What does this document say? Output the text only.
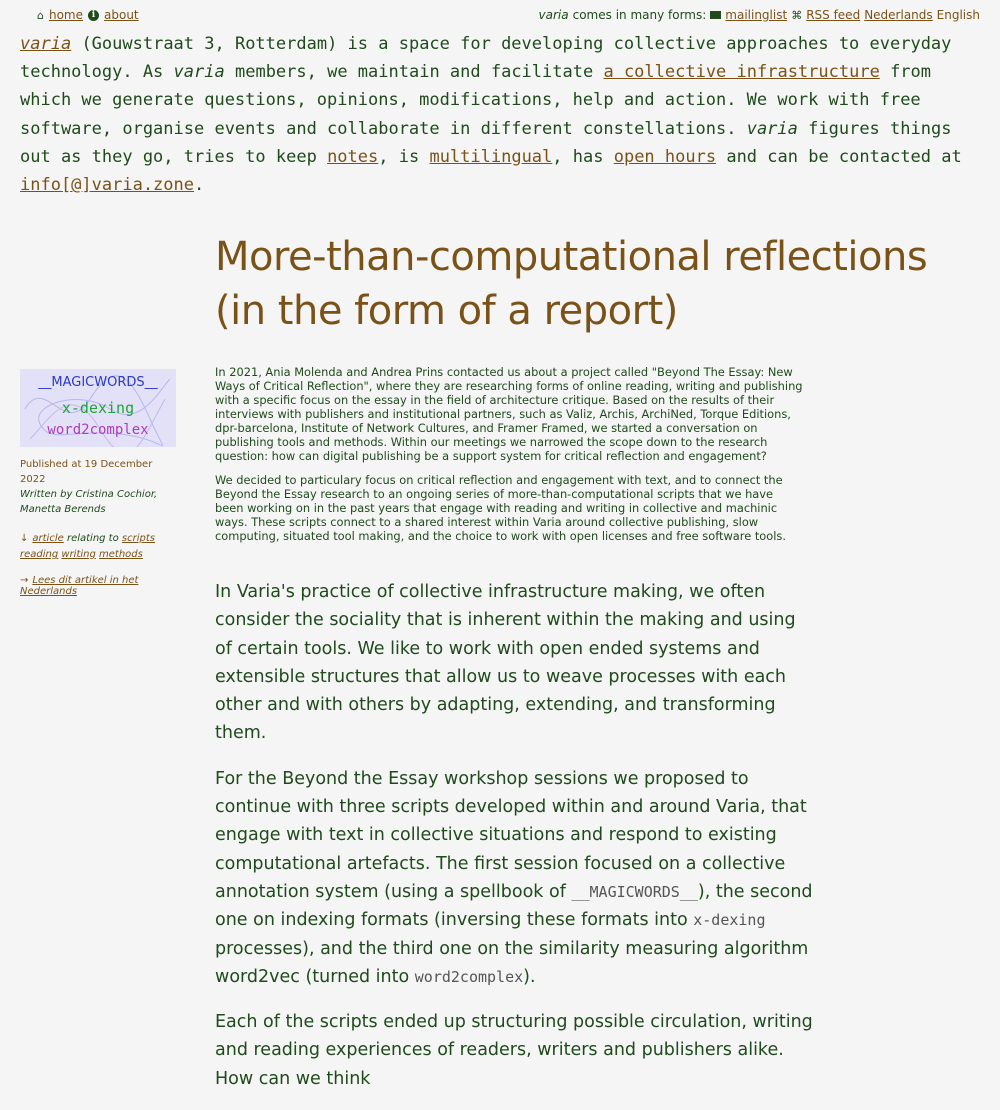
⌂ home i about	varia comes in many forms: mailinglist ⌘ RSS feed Nederlands English

varia (Gouwstraat 3, Rotterdam) is a space for developing collective approaches to everyday technology. As varia members, we maintain and facilitate a collective infrastructure from which we generate questions, opinions, modifications, help and action. We work with free software, organise events and collaborate in different constellations. varia figures things out as they go, tries to keep notes, is multilingual, has open hours and can be contacted at info[@]varia.zone.

More-than-computational reflections (in the form of a report)
__MAGICWORDS__
x-dexing
word2complex
Published at 19 December 2022
Written by Cristina Cochior, Manetta Berends
↓ article relating to scripts reading writing methods
→ Lees dit artikel in het Nederlands

In 2021, Ania Molenda and Andrea Prins contacted us about a project called "Beyond The Essay: New Ways of Critical Reflection", where they are researching forms of online reading, writing and publishing with a specific focus on the essay in the field of architecture critique. Based on the results of their interviews with publishers and institutional partners, such as Valiz, Archis, ArchiNed, Torque Editions, dpr-barcelona, Institute of Network Cultures, and Framer Framed, we started a conversation on publishing tools and methods. Within our meetings we narrowed the scope down to the research question: how can digital publishing be a support system for critical reflection and engagement?

We decided to particulary focus on critical reflection and engagement with text, and to connect the Beyond the Essay research to an ongoing series of more-than-computational scripts that we have been working on in the past years that engage with reading and writing in collective and machinic ways. These scripts connect to a shared interest within Varia around collective publishing, slow computing, situated tool making, and the choice to work with open licenses and free software tools.

In Varia's practice of collective infrastructure making, we often consider the sociality that is inherent within the making and using of certain tools. We like to work with open ended systems and extensible structures that allow us to weave processes with each other and with others by adapting, extending, and transforming them.

For the Beyond the Essay workshop sessions we proposed to continue with three scripts developed within and around Varia, that engage with text in collective situations and respond to existing computational artefacts. The first session focused on a collective annotation system (using a spellbook of __MAGICWORDS__), the second one on indexing formats (inversing these formats into x-dexing processes), and the third one on the similarity measuring algorithm word2vec (turned into word2complex).

Each of the scripts ended up structuring possible circulation, writing and reading experiences of readers, writers and publishers alike. How can we think
